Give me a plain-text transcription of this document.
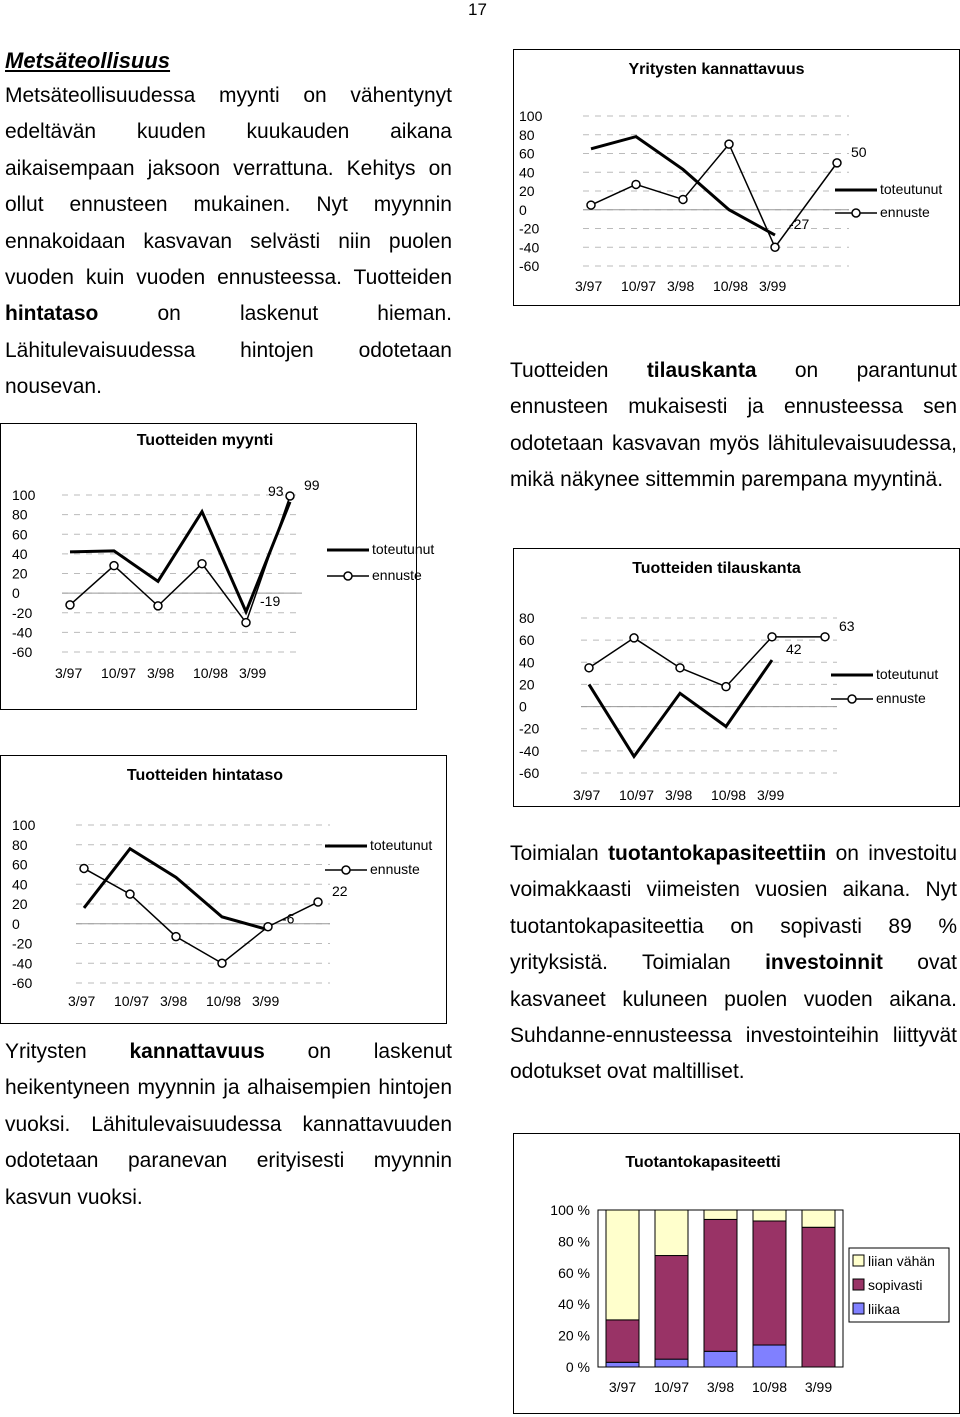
17
Metsäteollisuus

Metsäteollisuudessa myynti on vähentynyt edeltävän kuuden kuukauden aikana aikaisempaan jaksoon verrattuna. Kehitys on ollut ennusteen mukainen. Nyt myynnin ennakoidaan kasvavan selvästi niin puolen vuoden kuin vuoden ennusteessa. Tuotteiden hintataso	on laskenut hieman. Lähitulevaisuudessa hintojen odotetaan nousevan.

Yritysten kannattavuus on laskenut heikentyneen myynnin ja alhaisempien hintojen vuoksi. Lähitulevaisuudessa kannattavuuden odotetaan paranevan erityisesti myynnin kasvun vuoksi.

Tuotteiden tilauskanta on parantunut ennusteen mukaisesti ja ennusteessa sen odotetaan kasvavan myös lähitulevaisuudessa, mikä näkynee sittemmin parempana myyntinä.

Toimialan tuotantokapasiteettiin on investoitu voimakkaasti viimeisten vuosien aikana. Nyt tuotantokapasiteettia on sopivasti 89 % yrityksistä. Toimialan investoinnit ovat kasvaneet kuluneen puolen vuoden aikana. Suhdanne-ennusteessa investointeihin liittyvät odotukset ovat maltilliset.

Tuotteiden myynti
100
80
60
40
20
0
-20
-40
-60
3/97 10/97 3/98 10/98 3/99
93
-19
99
toteutunut
ennuste
Tuotteiden hintataso
100
80
60
40
20
0
-20
-40
-60
3/97 10/97 3/98 10/98 3/99
-6
22
toteutunut
ennuste
Yritysten kannattavuus
100
80
60
40
20
0
-20
-40
-60
3/97 10/97 3/98 10/98 3/99
-27
50
toteutunut
ennuste
Tuotteiden tilauskanta
80
60
40
20
0
-20
-40
-60
3/97 10/97 3/98 10/98 3/99
42
63
toteutunut
ennuste
Tuotantokapasiteetti
100 %
80 %
60 %
40 %
20 %
0 %
3/97 10/97 3/98 10/98 3/99
liian vähän
sopivasti
liikaa
